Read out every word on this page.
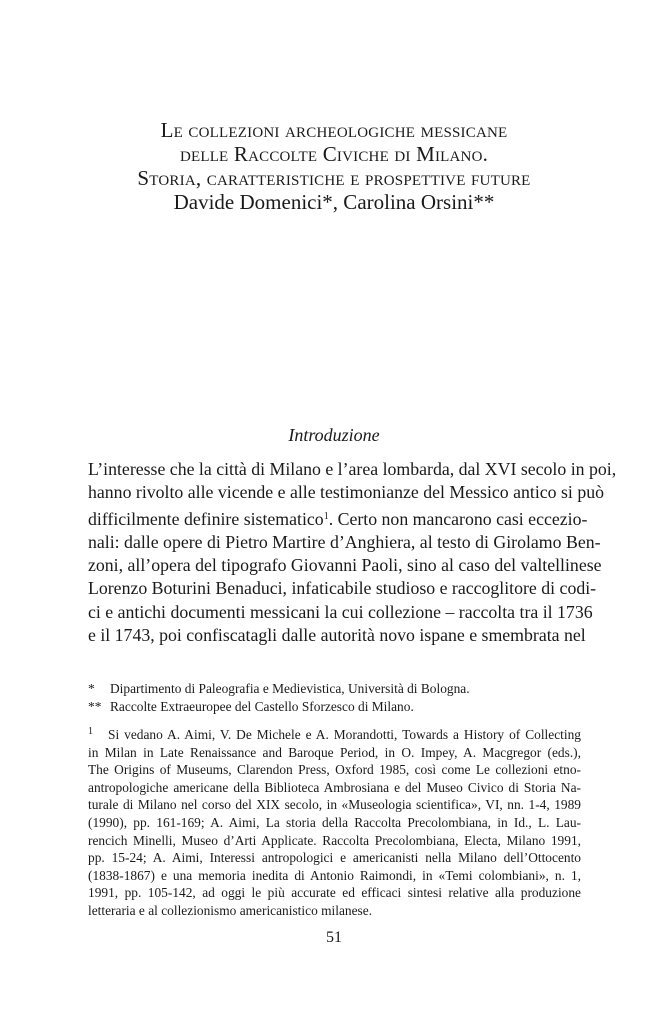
Le collezioni archeologiche messicane
delle Raccolte Civiche di Milano.
Storia, caratteristiche e prospettive future
Davide Domenici*, Carolina Orsini**
Introduzione
L’interesse che la città di Milano e l’area lombarda, dal XVI secolo in poi,
hanno rivolto alle vicende e alle testimonianze del Messico antico si può
difficilmente definire sistematico$^1$. Certo non mancarono casi eccezio-
nali: dalle opere di Pietro Martire d’Anghiera, al testo di Girolamo Ben-
zoni, all’opera del tipografo Giovanni Paoli, sino al caso del valtellinese
Lorenzo Boturini Benaduci, infaticabile studioso e raccoglitore di codi-
ci e antichi documenti messicani la cui collezione – raccolta tra il 1736
e il 1743, poi confiscatagli dalle autorità novo ispane e smembrata nel
* Dipartimento di Paleografia e Medievistica, Università di Bologna.
** Raccolte Extraeuropee del Castello Sforzesco di Milano.
1 Si vedano A. Aimi, V. De Michele e A. Morandotti, Towards a History of Collecting
in Milan in Late Renaissance and Baroque Period, in O. Impey, A. Macgregor (eds.),
The Origins of Museums, Clarendon Press, Oxford 1985, così come Le collezioni etno-
antropologiche americane della Biblioteca Ambrosiana e del Museo Civico di Storia Na-
turale di Milano nel corso del XIX secolo, in «Museologia scientifica», VI, nn. 1-4, 1989
(1990), pp. 161-169; A. Aimi, La storia della Raccolta Precolombiana, in Id., L. Lau-
rencich Minelli, Museo d’Arti Applicate. Raccolta Precolombiana, Electa, Milano 1991,
pp. 15-24; A. Aimi, Interessi antropologici e americanisti nella Milano dell’Ottocento
(1838-1867) e una memoria inedita di Antonio Raimondi, in «Temi colombiani», n. 1,
1991, pp. 105-142, ad oggi le più accurate ed efficaci sintesi relative alla produzione
letteraria e al collezionismo americanistico milanese.
51
